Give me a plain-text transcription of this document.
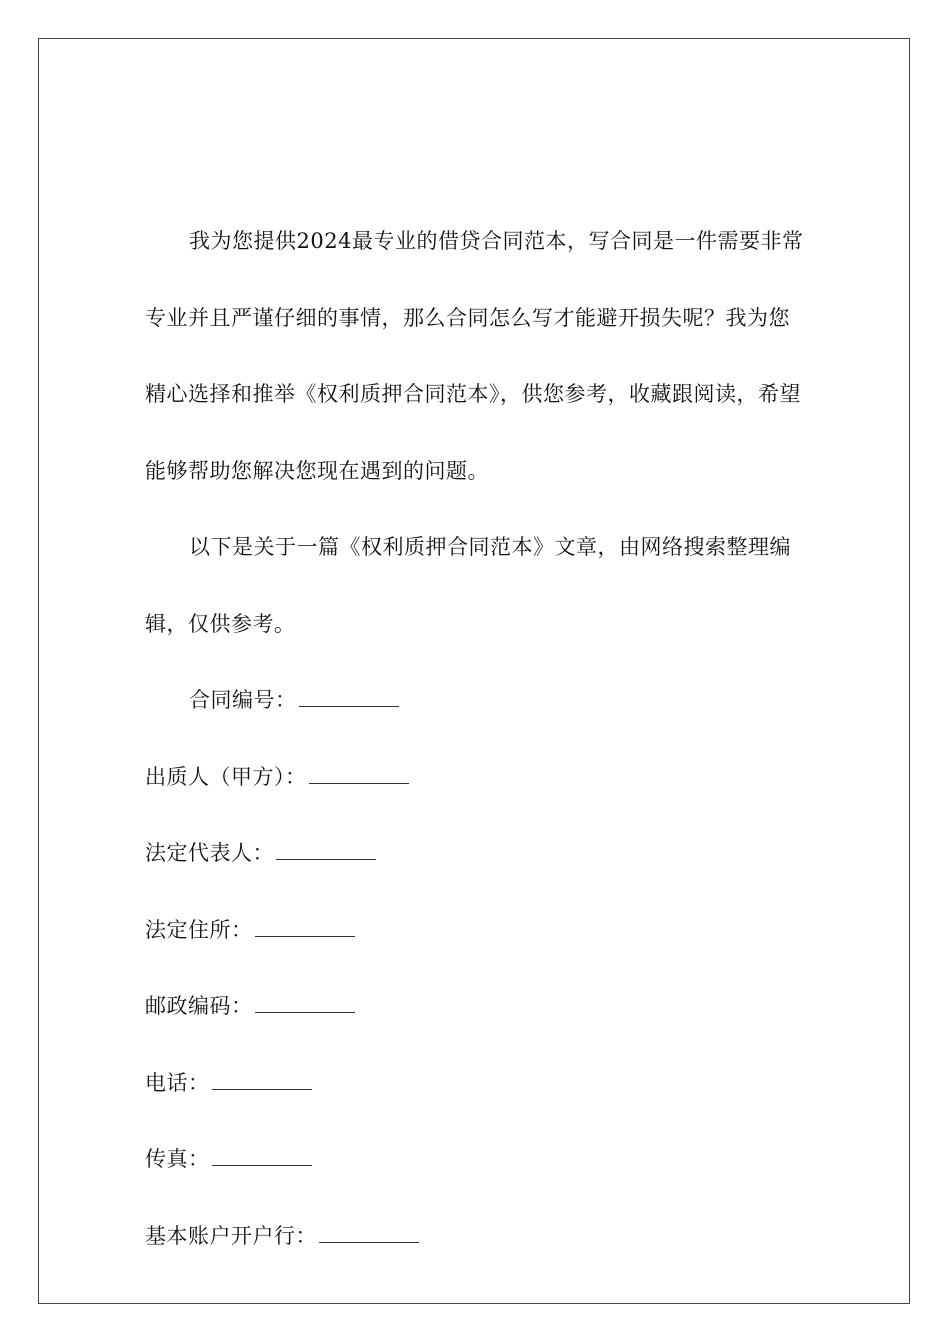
我为您提供2024最专业的借贷合同范本，写合同是一件需要非常专业并且严谨仔细的事情，那么合同怎么写才能避开损失呢？我为您精心选择和推举《权利质押合同范本》，供您参考，收藏跟阅读，希望能够帮助您解决您现在遇到的问题。

以下是关于一篇《权利质押合同范本》文章，由网络搜索整理编辑，仅供参考。

合同编号：
出质人（甲方）：
法定代表人：
法定住所：
邮政编码：
电话：
传真：
基本账户开户行：
